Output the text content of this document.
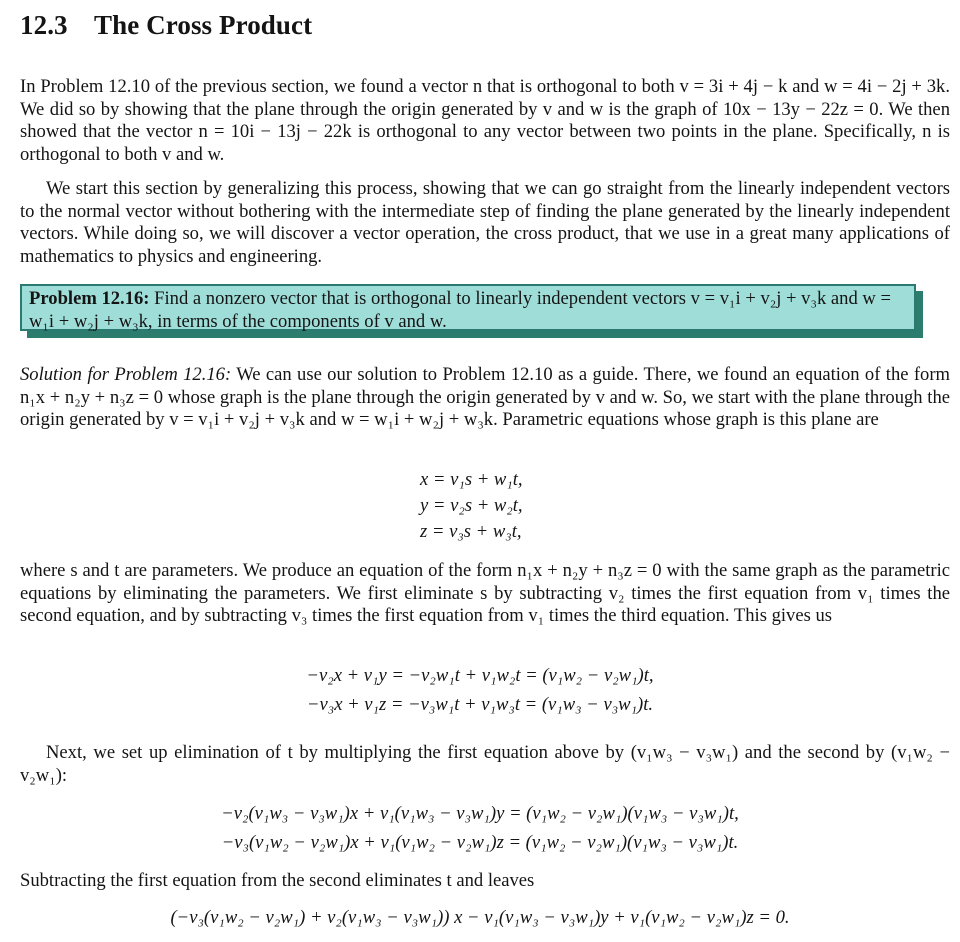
12.3 The Cross Product

In Problem 12.10 of the previous section, we found a vector n that is orthogonal to both v = 3i + 4j − k and w = 4i − 2j + 3k. We did so by showing that the plane through the origin generated by v and w is the graph of 10x − 13y − 22z = 0. We then showed that the vector n = 10i − 13j − 22k is orthogonal to any vector between two points in the plane. Specifically, n is orthogonal to both v and w.

We start this section by generalizing this process, showing that we can go straight from the linearly independent vectors to the normal vector without bothering with the intermediate step of finding the plane generated by the linearly independent vectors. While doing so, we will discover a vector operation, the cross product, that we use in a great many applications of mathematics to physics and engineering.

Problem 12.16: Find a nonzero vector that is orthogonal to linearly independent vectors v = v₁i + v₂j + v₃k and w = w₁i + w₂j + w₃k, in terms of the components of v and w.

Solution for Problem 12.16: We can use our solution to Problem 12.10 as a guide. There, we found an equation of the form n₁x + n₂y + n₃z = 0 whose graph is the plane through the origin generated by v and w. So, we start with the plane through the origin generated by v = v₁i + v₂j + v₃k and w = w₁i + w₂j + w₃k. Parametric equations whose graph is this plane are

x = v₁s + w₁t,
y = v₂s + w₂t,
z = v₃s + w₃t,

where s and t are parameters. We produce an equation of the form n₁x + n₂y + n₃z = 0 with the same graph as the parametric equations by eliminating the parameters. We first eliminate s by subtracting v₂ times the first equation from v₁ times the second equation, and by subtracting v₃ times the first equation from v₁ times the third equation. This gives us

−v₂x + v₁y = −v₂w₁t + v₁w₂t = (v₁w₂ − v₂w₁)t,
−v₃x + v₁z = −v₃w₁t + v₁w₃t = (v₁w₃ − v₃w₁)t.

Next, we set up elimination of t by multiplying the first equation above by (v₁w₃ − v₃w₁) and the second by (v₁w₂ − v₂w₁):

−v₂(v₁w₃ − v₃w₁)x + v₁(v₁w₃ − v₃w₁)y = (v₁w₂ − v₂w₁)(v₁w₃ − v₃w₁)t,
−v₃(v₁w₂ − v₂w₁)x + v₁(v₁w₂ − v₂w₁)z = (v₁w₂ − v₂w₁)(v₁w₃ − v₃w₁)t.

Subtracting the first equation from the second eliminates t and leaves

(−v₃(v₁w₂ − v₂w₁) + v₂(v₁w₃ − v₃w₁)) x − v₁(v₁w₃ − v₃w₁)y + v₁(v₁w₂ − v₂w₁)z = 0.
